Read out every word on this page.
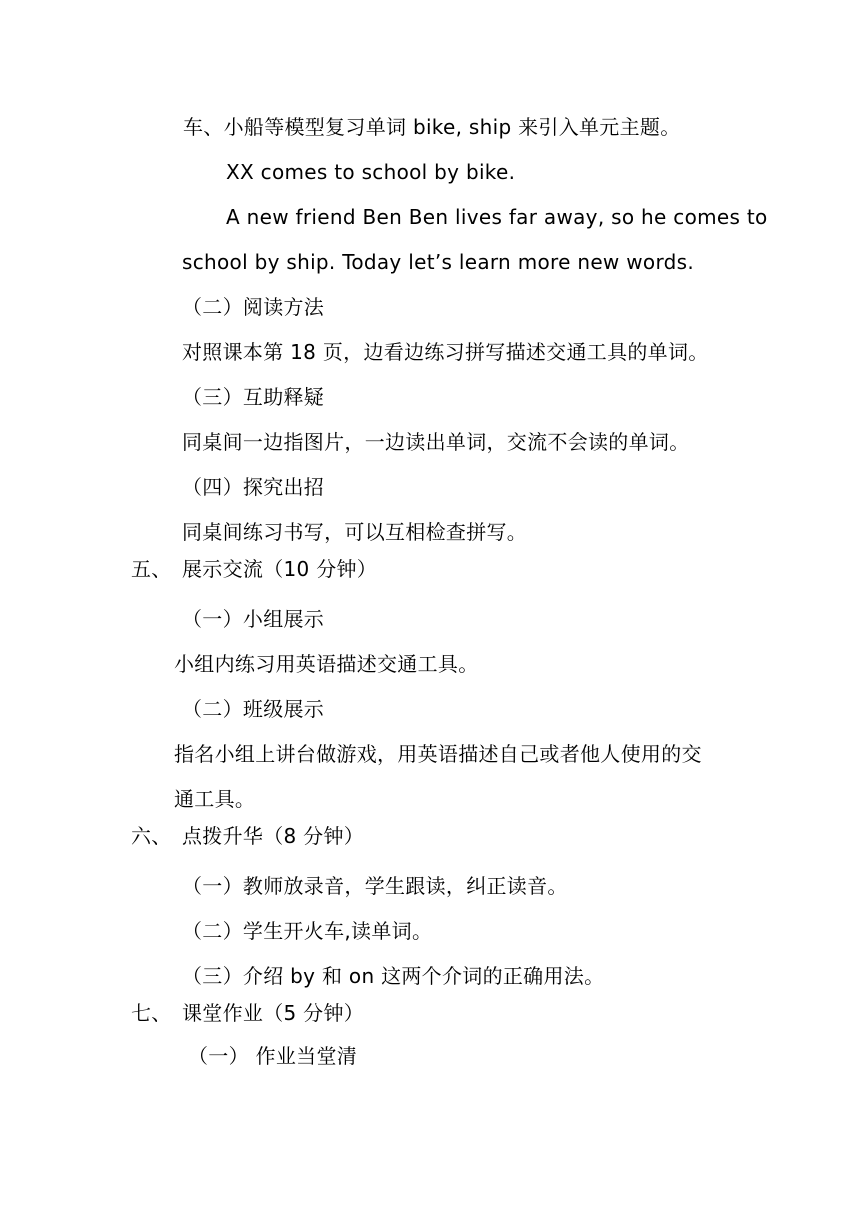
车、小船等模型复习单词 bike, ship 来引入单元主题。
XX comes to school by bike.
A new friend Ben Ben lives far away, so he comes to
school by ship. Today let’s learn more new words.
（二）阅读方法
对照课本第 18 页，边看边练习拼写描述交通工具的单词。
（三）互助释疑
同桌间一边指图片，一边读出单词，交流不会读的单词。
（四）探究出招
同桌间练习书写，可以互相检查拼写。
五、 展示交流（10 分钟）
（一）小组展示
小组内练习用英语描述交通工具。
（二）班级展示
指名小组上讲台做游戏，用英语描述自己或者他人使用的交
通工具。
六、 点拨升华（8 分钟）
（一）教师放录音，学生跟读，纠正读音。
（二）学生开火车,读单词。
（三）介绍 by 和 on 这两个介词的正确用法。
七、 课堂作业（5 分钟）
（一） 作业当堂清
